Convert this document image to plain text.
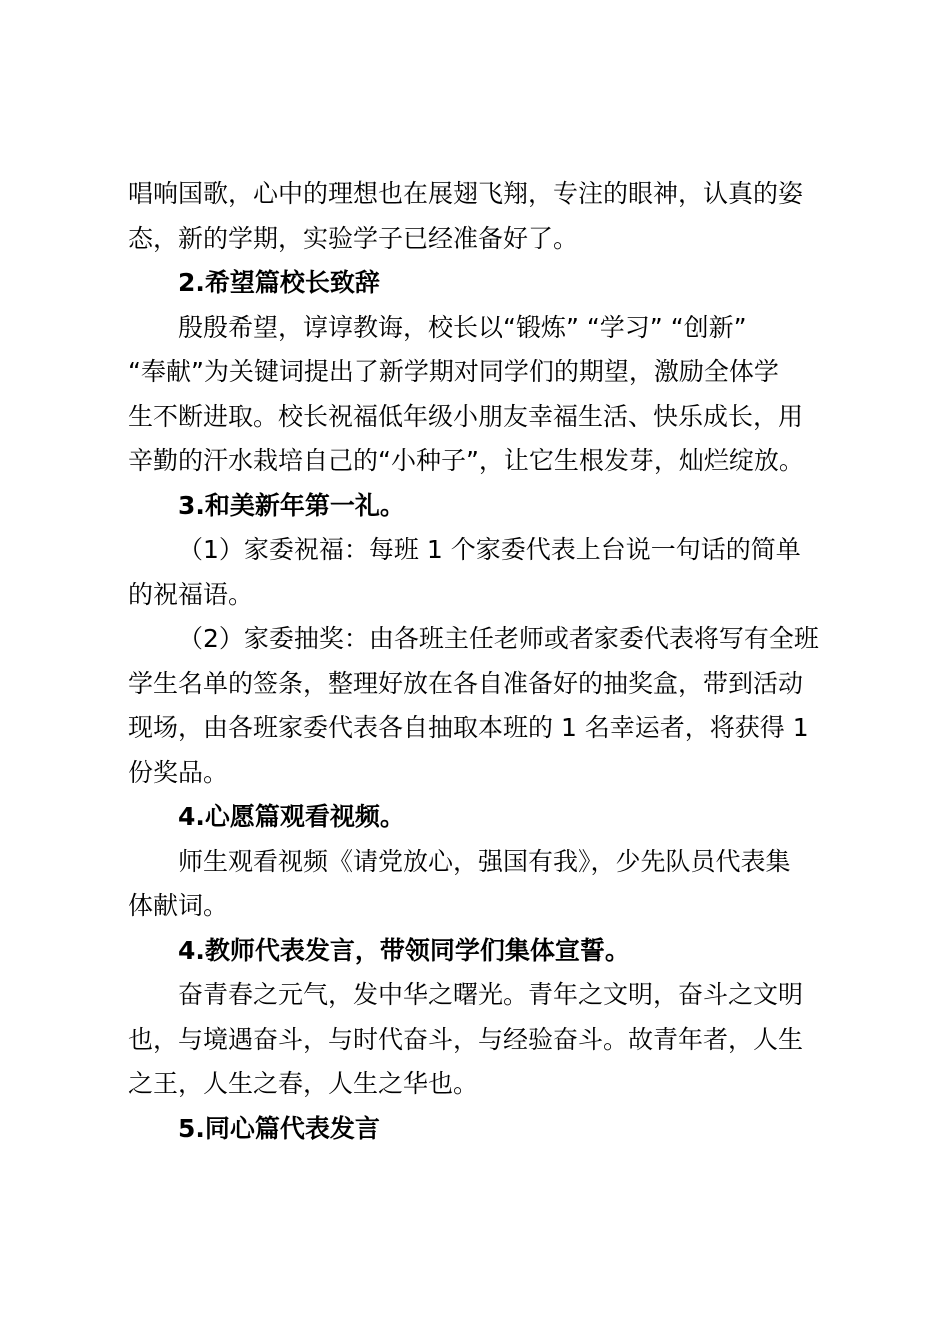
唱响国歌，心中的理想也在展翅飞翔，专注的眼神，认真的姿
态，新的学期，实验学子已经准备好了。
2.希望篇校长致辞
殷殷希望，谆谆教诲，校长以“锻炼” “学习” “创新”
“奉献”为关键词提出了新学期对同学们的期望，激励全体学
生不断进取。校长祝福低年级小朋友幸福生活、快乐成长，用
辛勤的汗水栽培自己的“小种子”，让它生根发芽，灿烂绽放。
3.和美新年第一礼。
（1）家委祝福：每班 1 个家委代表上台说一句话的简单
的祝福语。
（2）家委抽奖：由各班主任老师或者家委代表将写有全班
学生名单的签条，整理好放在各自准备好的抽奖盒，带到活动
现场，由各班家委代表各自抽取本班的 1 名幸运者，将获得 1
份奖品。
4.心愿篇观看视频。
师生观看视频《请党放心，强国有我》，少先队员代表集
体献词。
4.教师代表发言，带领同学们集体宣誓。
奋青春之元气，发中华之曙光。青年之文明，奋斗之文明
也，与境遇奋斗，与时代奋斗，与经验奋斗。故青年者，人生
之王，人生之春，人生之华也。
5.同心篇代表发言
